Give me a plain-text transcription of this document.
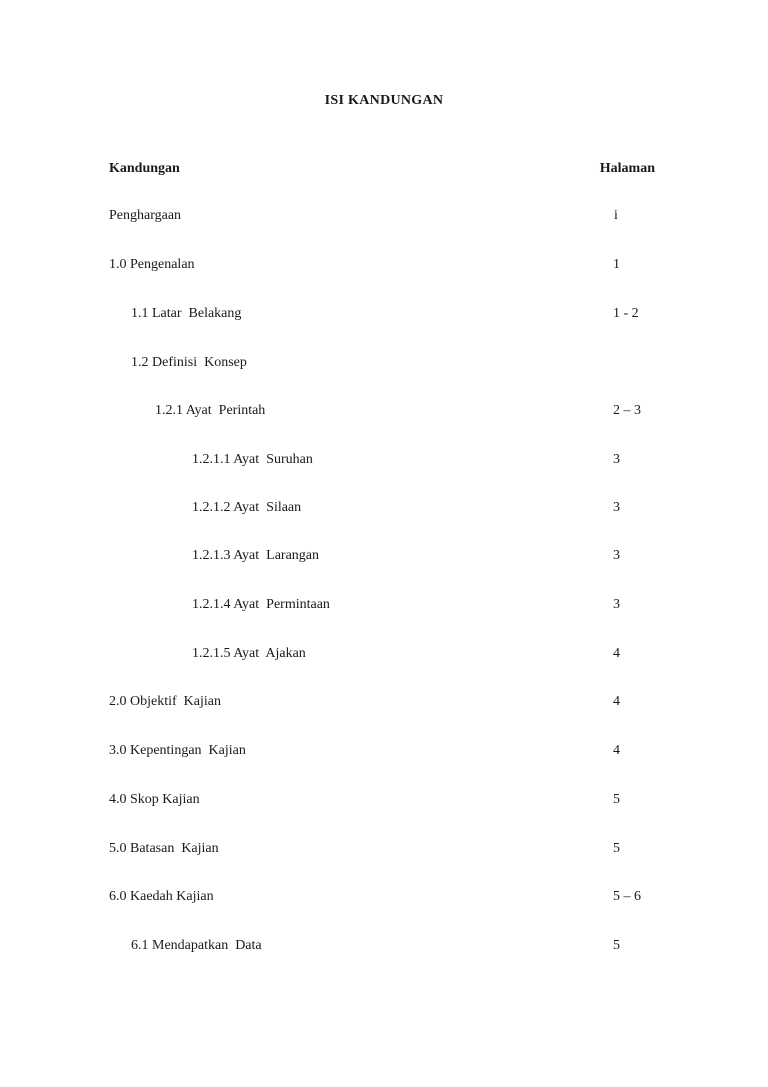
ISI KANDUNGAN
Kandungan	Halaman
Penghargaan	i
1.0 Pengenalan	1
1.1 Latar  Belakang	1 - 2
1.2 Definisi  Konsep
1.2.1 Ayat  Perintah	2 – 3
1.2.1.1 Ayat  Suruhan	3
1.2.1.2 Ayat  Silaan	3
1.2.1.3 Ayat  Larangan	3
1.2.1.4 Ayat  Permintaan	3
1.2.1.5 Ayat  Ajakan	4
2.0 Objektif  Kajian	4
3.0 Kepentingan  Kajian	4
4.0 Skop Kajian	5
5.0 Batasan  Kajian	5
6.0 Kaedah Kajian	5 – 6
6.1 Mendapatkan  Data	5
